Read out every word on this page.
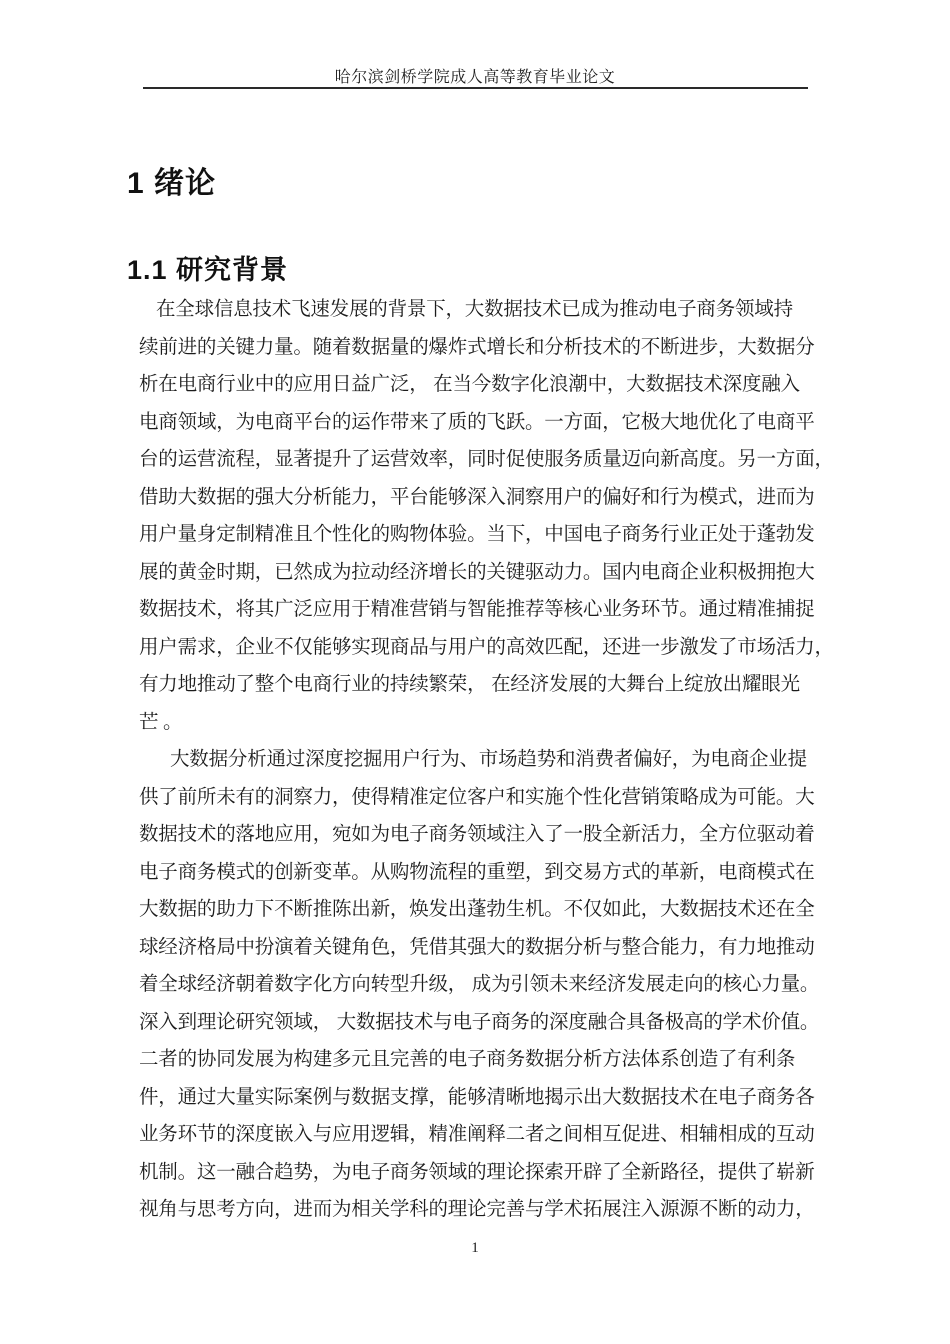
哈尔滨剑桥学院成人高等教育毕业论文
1 绪论
1.1 研究背景
在全球信息技术飞速发展的背景下，大数据技术已成为推动电子商务领域持
续前进的关键力量。随着数据量的爆炸式增长和分析技术的不断进步，大数据分
析在电商行业中的应用日益广泛， 在当今数字化浪潮中，大数据技术深度融入
电商领域，为电商平台的运作带来了质的飞跃。一方面，它极大地优化了电商平
台的运营流程，显著提升了运营效率，同时促使服务质量迈向新高度。另一方面，
借助大数据的强大分析能力，平台能够深入洞察用户的偏好和行为模式，进而为
用户量身定制精准且个性化的购物体验。当下，中国电子商务行业正处于蓬勃发
展的黄金时期，已然成为拉动经济增长的关键驱动力。国内电商企业积极拥抱大
数据技术，将其广泛应用于精准营销与智能推荐等核心业务环节。通过精准捕捉
用户需求，企业不仅能够实现商品与用户的高效匹配，还进一步激发了市场活力，
有力地推动了整个电商行业的持续繁荣， 在经济发展的大舞台上绽放出耀眼光
芒 。
大数据分析通过深度挖掘用户行为、市场趋势和消费者偏好，为电商企业提
供了前所未有的洞察力，使得精准定位客户和实施个性化营销策略成为可能。大
数据技术的落地应用，宛如为电子商务领域注入了一股全新活力，全方位驱动着
电子商务模式的创新变革。从购物流程的重塑，到交易方式的革新，电商模式在
大数据的助力下不断推陈出新，焕发出蓬勃生机。不仅如此，大数据技术还在全
球经济格局中扮演着关键角色，凭借其强大的数据分析与整合能力，有力地推动
着全球经济朝着数字化方向转型升级， 成为引领未来经济发展走向的核心力量。
深入到理论研究领域， 大数据技术与电子商务的深度融合具备极高的学术价值。
二者的协同发展为构建多元且完善的电子商务数据分析方法体系创造了有利条
件，通过大量实际案例与数据支撑，能够清晰地揭示出大数据技术在电子商务各
业务环节的深度嵌入与应用逻辑，精准阐释二者之间相互促进、相辅相成的互动
机制。这一融合趋势，为电子商务领域的理论探索开辟了全新路径，提供了崭新
视角与思考方向，进而为相关学科的理论完善与学术拓展注入源源不断的动力，
1
